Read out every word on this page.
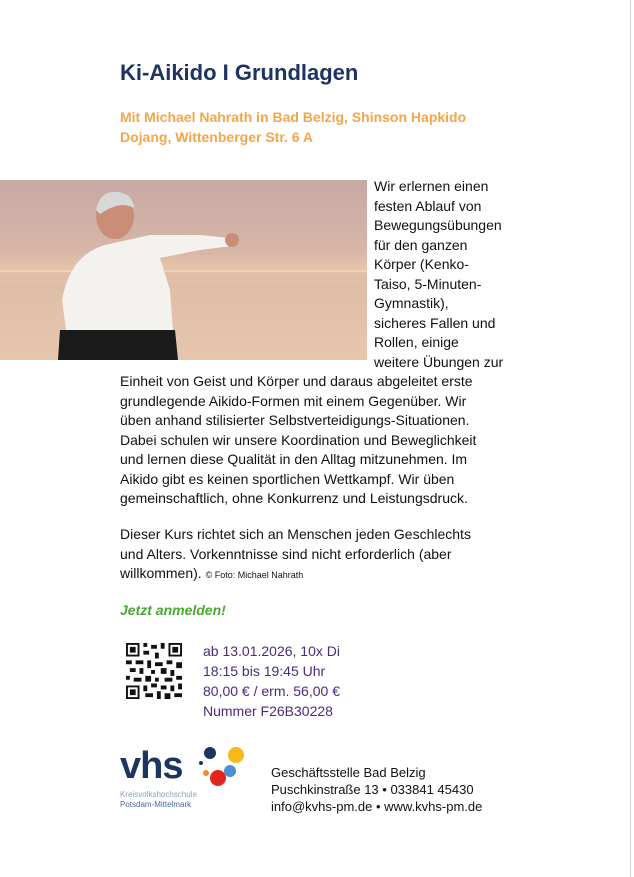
Ki-Aikido I Grundlagen
Mit Michael Nahrath in Bad Belzig, Shinson Hapkido
Dojang, Wittenberger Str. 6 A
Wir erlernen einen
festen Ablauf von
Bewegungsübungen
für den ganzen
Körper (Kenko-
Taiso, 5-Minuten-
Gymnastik),
sicheres Fallen und
Rollen, einige
weitere Übungen zur
Einheit von Geist und Körper und daraus abgeleitet erste
grundlegende Aikido-Formen mit einem Gegenüber. Wir
üben anhand stilisierter Selbstverteidigungs-Situationen.
Dabei schulen wir unsere Koordination und Beweglichkeit
und lernen diese Qualität in den Alltag mitzunehmen. Im
Aikido gibt es keinen sportlichen Wettkampf. Wir üben
gemeinschaftlich, ohne Konkurrenz und Leistungsdruck.
Dieser Kurs richtet sich an Menschen jeden Geschlechts
und Alters. Vorkenntnisse sind nicht erforderlich (aber
willkommen). © Foto: Michael Nahrath
Jetzt anmelden!
ab 13.01.2026, 10x Di
18:15 bis 19:45 Uhr
80,00 € / erm. 56,00 €
Nummer F26B30228
vhs
Kreisvolkshochschule
Potsdam-Mittelmark
Geschäftsstelle Bad Belzig
Puschkinstraße 13 • 033841 45430
info@kvhs-pm.de • www.kvhs-pm.de
